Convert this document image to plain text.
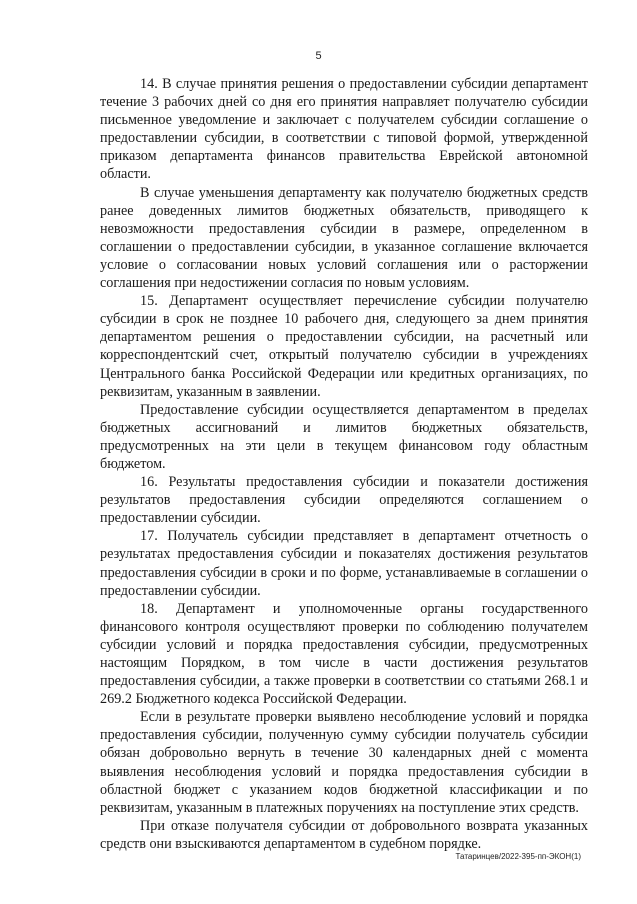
5

14. В случае принятия решения о предоставлении субсидии департамент течение 3 рабочих дней со дня его принятия направляет получателю субсидии письменное уведомление и заключает с получателем субсидии соглашение о предоставлении субсидии, в соответствии с типовой формой, утвержденной приказом департамента финансов правительства Еврейской автономной области.

В случае уменьшения департаменту как получателю бюджетных средств ранее доведенных лимитов бюджетных обязательств, приводящего к невозможности предоставления субсидии в размере, определенном в соглашении о предоставлении субсидии, в указанное соглашение включается условие о согласовании новых условий соглашения или о расторжении соглашения при недостижении согласия по новым условиям.

15. Департамент осуществляет перечисление субсидии получателю субсидии в срок не позднее 10 рабочего дня, следующего за днем принятия департаментом решения о предоставлении субсидии, на расчетный или корреспондентский счет, открытый получателю субсидии в учреждениях Центрального банка Российской Федерации или кредитных организациях, по реквизитам, указанным в заявлении.

Предоставление субсидии осуществляется департаментом в пределах бюджетных ассигнований и лимитов бюджетных обязательств, предусмотренных на эти цели в текущем финансовом году областным бюджетом.

16. Результаты предоставления субсидии и показатели достижения результатов предоставления субсидии определяются соглашением о предоставлении субсидии.

17. Получатель субсидии представляет в департамент отчетность о результатах предоставления субсидии и показателях достижения результатов предоставления субсидии в сроки и по форме, устанавливаемые в соглашении о предоставлении субсидии.

18. Департамент и уполномоченные органы государственного финансового контроля осуществляют проверки по соблюдению получателем субсидии условий и порядка предоставления субсидии, предусмотренных настоящим Порядком, в том числе в части достижения результатов предоставления субсидии, а также проверки в соответствии со статьями 268.1 и 269.2 Бюджетного кодекса Российской Федерации.

Если в результате проверки выявлено несоблюдение условий и порядка предоставления субсидии, полученную сумму субсидии получатель субсидии обязан добровольно вернуть в течение 30 календарных дней с момента выявления несоблюдения условий и порядка предоставления субсидии в областной бюджет с указанием кодов бюджетной классификации и по реквизитам, указанным в платежных поручениях на поступление этих средств.

При отказе получателя субсидии от добровольного возврата указанных средств они взыскиваются департаментом в судебном порядке.

Татаринцев/2022-395-пп-ЭКОН(1)
